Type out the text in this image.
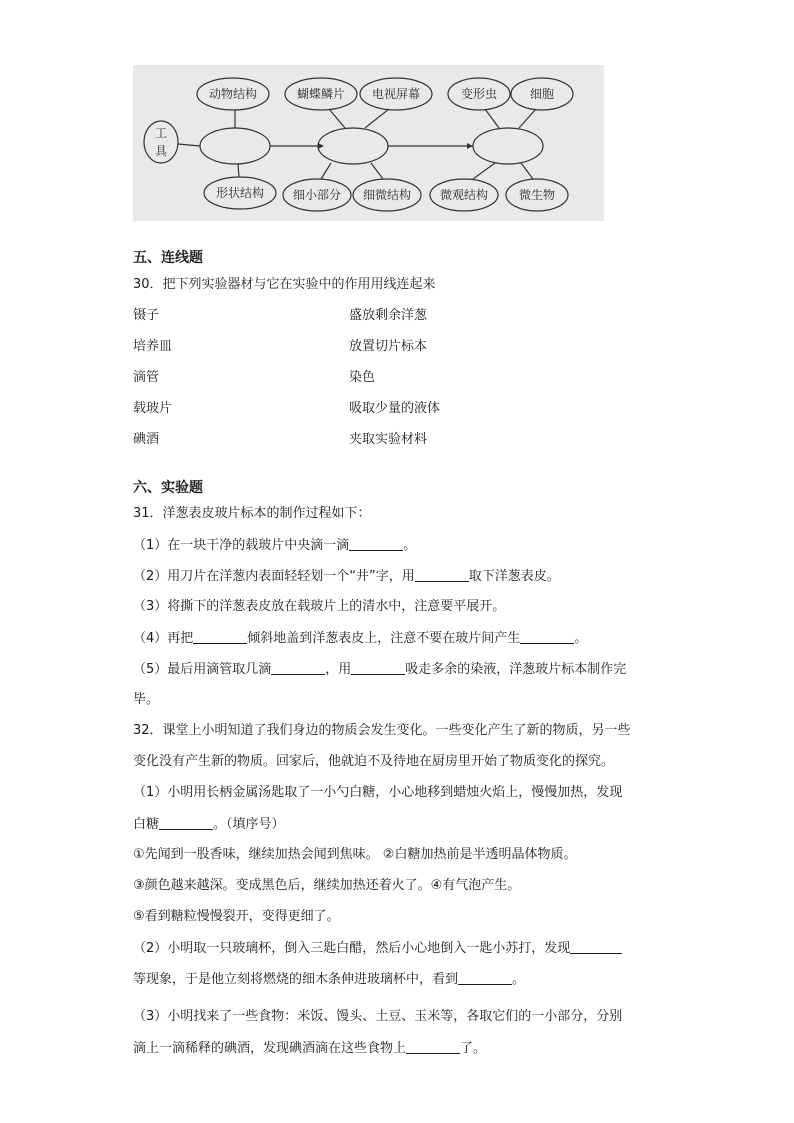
工
具
动物结构	蝴蝶鳞片 电视屏幕	变形虫	细胞
形状结构 细小部分 细微结构 微观结构	微生物
五、连线题
30．把下列实验器材与它在实验中的作用用线连起来
镊子	盛放剩余洋葱
培养皿	放置切片标本
滴管	染色
载玻片	吸取少量的液体
碘酒	夹取实验材料
六、实验题
31．洋葱表皮玻片标本的制作过程如下：
（1）在一块干净的载玻片中央滴一滴	。
（2）用刀片在洋葱内表面轻轻划一个“井”字，用	取下洋葱表皮。
（3）将撕下的洋葱表皮放在载玻片上的清水中，注意要平展开。
（4）再把	倾斜地盖到洋葱表皮上，注意不要在玻片间产生	。
（5）最后用滴管取几滴	，用	吸走多余的染液，洋葱玻片标本制作完
毕。
32．课堂上小明知道了我们身边的物质会发生变化。一些变化产生了新的物质，另一些
变化没有产生新的物质。回家后，他就迫不及待地在厨房里开始了物质变化的探究。
（1）小明用长柄金属汤匙取了一小勺白糖，小心地移到蜡烛火焰上，慢慢加热，发现
白糖	。（填序号）
①先闻到一股香味，继续加热会闻到焦味。 ②白糖加热前是半透明晶体物质。
③颜色越来越深。变成黑色后，继续加热还着火了。④有气泡产生。
⑤看到糖粒慢慢裂开，变得更细了。
（2）小明取一只玻璃杯，倒入三匙白醋，然后小心地倒入一匙小苏打，发现
等现象，于是他立刻将燃烧的细木条伸进玻璃杯中，看到	。
（3）小明找来了一些食物：米饭、馒头、土豆、玉米等，各取它们的一小部分，分别
滴上一滴稀释的碘酒，发现碘酒滴在这些食物上	了。
